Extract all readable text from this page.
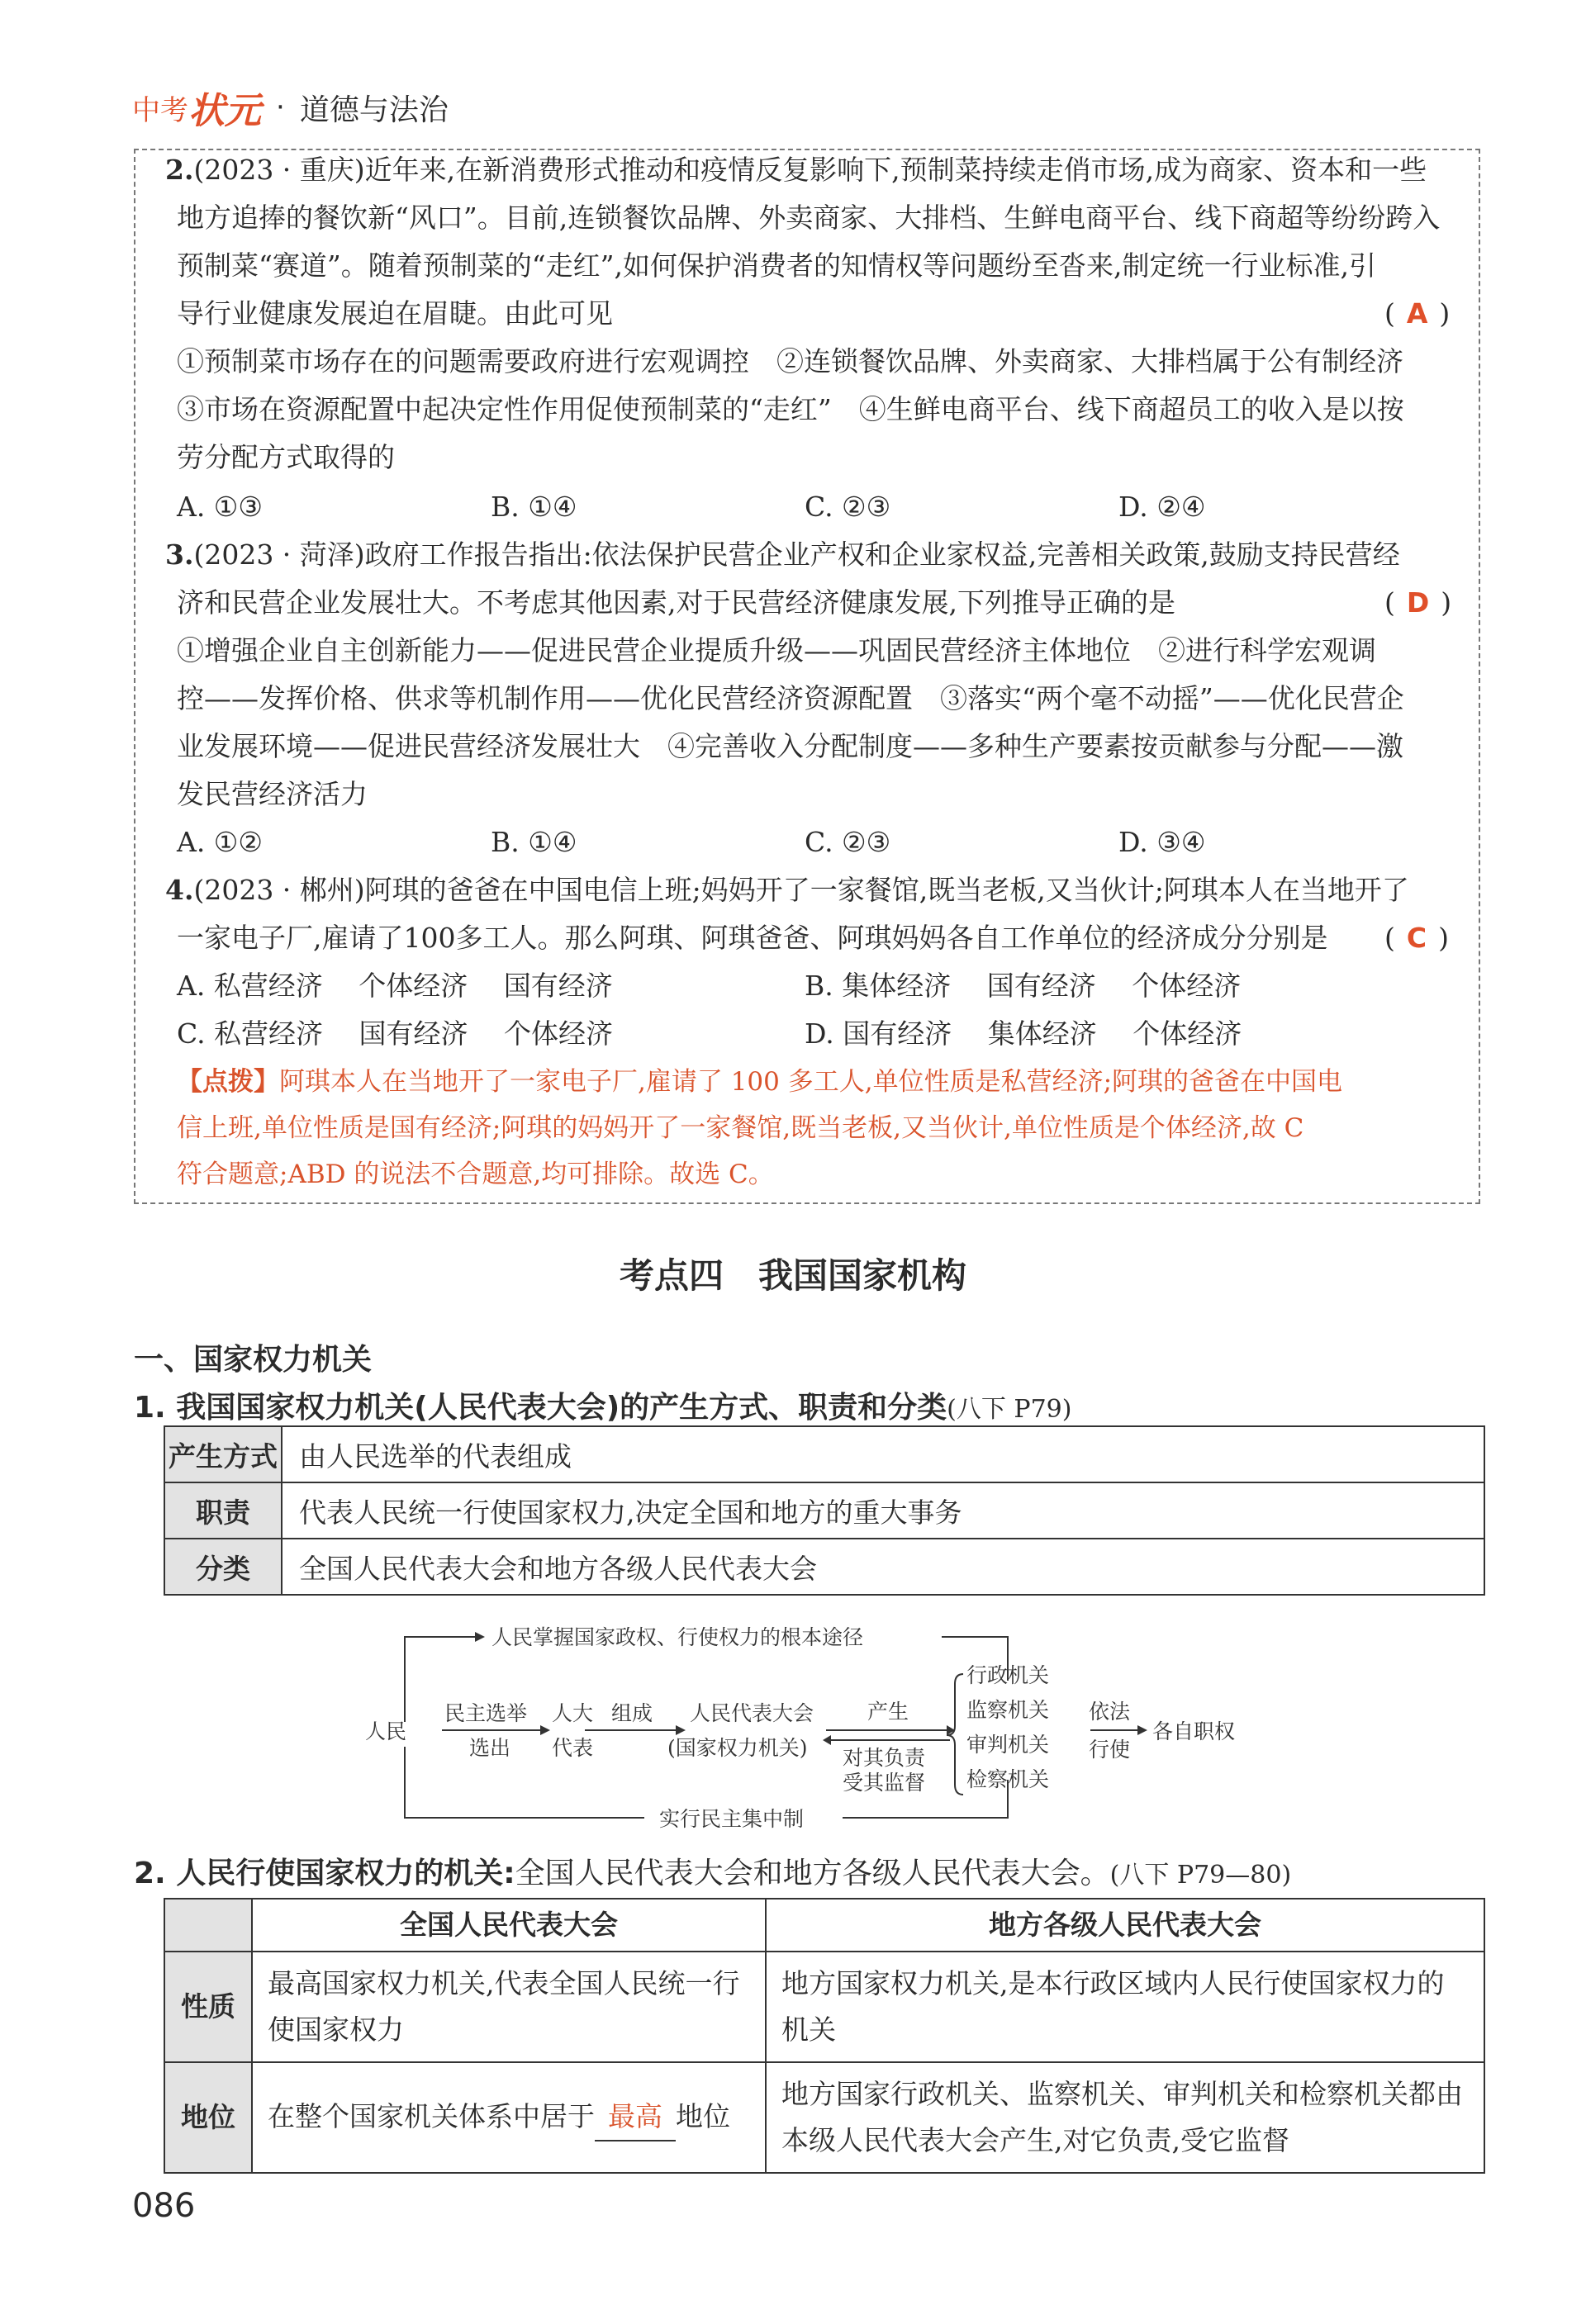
中考 状元 · 道德与法治
2.(2023 · 重庆)近年来,在新消费形式推动和疫情反复影响下,预制菜持续走俏市场,成为商家、资本和一些
地方追捧的餐饮新“风口”。目前,连锁餐饮品牌、外卖商家、大排档、生鲜电商平台、线下商超等纷纷跨入
预制菜“赛道”。随着预制菜的“走红”,如何保护消费者的知情权等问题纷至沓来,制定统一行业标准,引
导行业健康发展迫在眉睫。由此可见	( A )
①预制菜市场存在的问题需要政府进行宏观调控　②连锁餐饮品牌、外卖商家、大排档属于公有制经济
③市场在资源配置中起决定性作用促使预制菜的“走红”　④生鲜电商平台、线下商超员工的收入是以按
劳分配方式取得的
A. ①③	B. ①④	C. ②③	D. ②④
3.(2023 · 菏泽)政府工作报告指出:依法保护民营企业产权和企业家权益,完善相关政策,鼓励支持民营经
济和民营企业发展壮大。不考虑其他因素,对于民营经济健康发展,下列推导正确的是	( D )
①增强企业自主创新能力——促进民营企业提质升级——巩固民营经济主体地位　②进行科学宏观调
控——发挥价格、供求等机制作用——优化民营经济资源配置　③落实“两个毫不动摇”——优化民营企
业发展环境——促进民营经济发展壮大　④完善收入分配制度——多种生产要素按贡献参与分配——激
发民营经济活力
A. ①②	B. ①④	C. ②③	D. ③④
4.(2023 · 郴州)阿琪的爸爸在中国电信上班;妈妈开了一家餐馆,既当老板,又当伙计;阿琪本人在当地开了
一家电子厂,雇请了100多工人。那么阿琪、阿琪爸爸、阿琪妈妈各自工作单位的经济成分分别是 ( C )
A. 私营经济　 个体经济　 国有经济	B. 集体经济　 国有经济　 个体经济
C. 私营经济　 国有经济　 个体经济	D. 国有经济　 集体经济　 个体经济
【点拨】阿琪本人在当地开了一家电子厂,雇请了 100 多工人,单位性质是私营经济;阿琪的爸爸在中国电
信上班,单位性质是国有经济;阿琪的妈妈开了一家餐馆,既当老板,又当伙计,单位性质是个体经济,故 C
符合题意;ABD 的说法不合题意,均可排除。故选 C。
考点四　我国国家机构
一、国家权力机关
1. 我国国家权力机关(人民代表大会)的产生方式、职责和分类(八下 P79)
产生方式	由人民选举的代表组成
职责	代表人民统一行使国家权力,决定全国和地方的重大事务
分类	全国人民代表大会和地方各级人民代表大会
人民掌握国家政权、行使权力的根本途径
人民
民主选举
选出
人大
代表
组成 人民代表大会
(国家权力机关)
产生
对其负责
受其监督
行政机关
监察机关
审判机关
检察机关
依法
行使
各自职权
实行民主集中制
2. 人民行使国家权力的机关:全国人民代表大会和地方各级人民代表大会。(八下 P79—80)
	全国人民代表大会	地方各级人民代表大会
性质	最高国家权力机关,代表全国人民统一行使国家权力	地方国家权力机关,是本行政区域内人民行使国家权力的机关
地位	在整个国家机关体系中居于 最高 地位	地方国家行政机关、监察机关、审判机关和检察机关都由本级人民代表大会产生,对它负责,受它监督
086
